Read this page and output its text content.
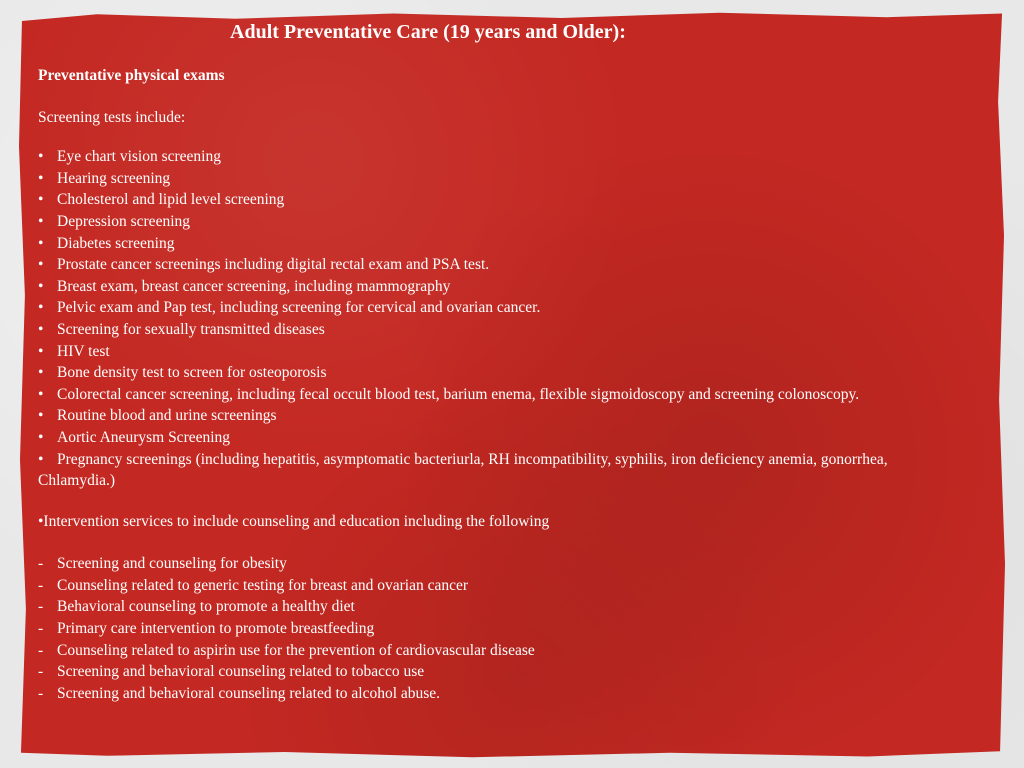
Adult Preventative Care (19 years and Older):
Preventative physical exams
Screening tests include:
• Eye chart vision screening
• Hearing screening
• Cholesterol and lipid level screening
• Depression screening
• Diabetes screening
• Prostate cancer screenings including digital rectal exam and PSA test.
• Breast exam, breast cancer screening, including mammography
• Pelvic exam and Pap test, including screening for cervical and ovarian cancer.
• Screening for sexually transmitted diseases
• HIV test
• Bone density test to screen for osteoporosis
• Colorectal cancer screening, including fecal occult blood test, barium enema, flexible sigmoidoscopy and screening colonoscopy.
• Routine blood and urine screenings
• Aortic Aneurysm Screening
• Pregnancy screenings (including hepatitis, asymptomatic bacteriurla, RH incompatibility, syphilis, iron deficiency anemia, gonorrhea, Chlamydia.)
•Intervention services to include counseling and education including the following
- Screening and counseling for obesity
- Counseling related to generic testing for breast and ovarian cancer
- Behavioral counseling to promote a healthy diet
- Primary care intervention to promote breastfeeding
- Counseling related to aspirin use for the prevention of cardiovascular disease
- Screening and behavioral counseling related to tobacco use
- Screening and behavioral counseling related to alcohol abuse.
